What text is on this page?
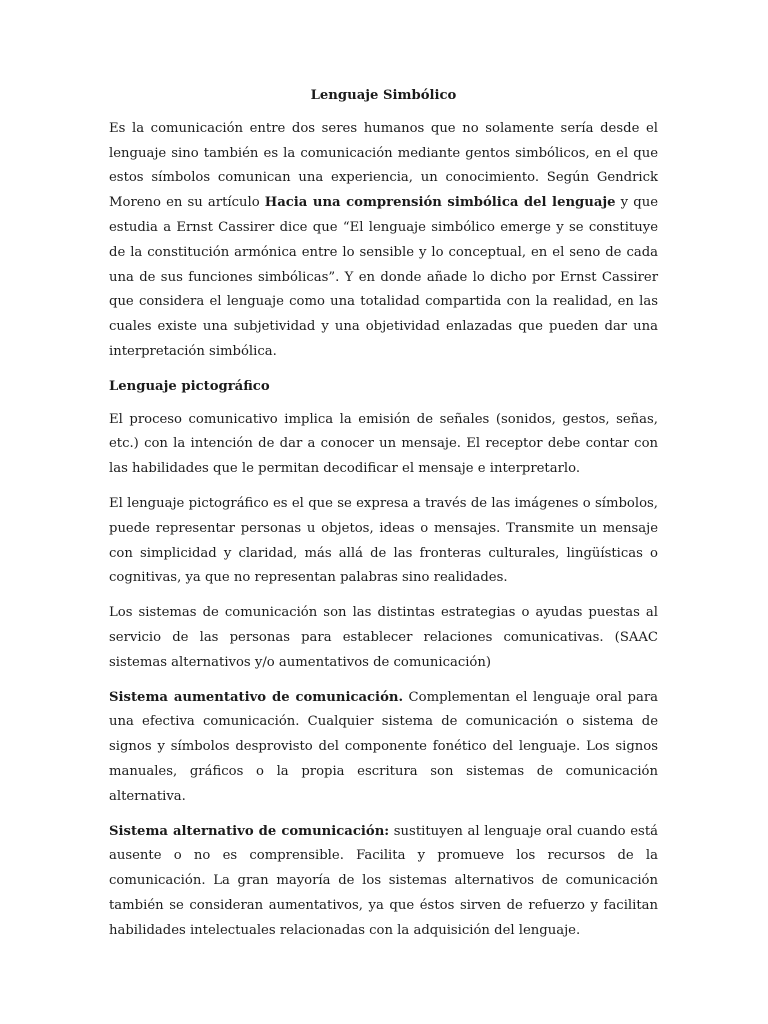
Lenguaje Simbólico

Es la comunicación entre dos seres humanos que no solamente sería desde el lenguaje sino también es la comunicación mediante gentos simbólicos, en el que estos símbolos comunican una experiencia, un conocimiento. Según Gendrick Moreno en su artículo Hacia una comprensión simbólica del lenguaje y que estudia a Ernst Cassirer dice que “El lenguaje simbólico emerge y se constituye de la constitución armónica entre lo sensible y lo conceptual, en el seno de cada una de sus funciones simbólicas”. Y en donde añade lo dicho por Ernst Cassirer que considera el lenguaje como una totalidad compartida con la realidad, en las cuales existe una subjetividad y una objetividad enlazadas que pueden dar una interpretación simbólica.

Lenguaje pictográfico

El proceso comunicativo implica la emisión de señales (sonidos, gestos, señas, etc.) con la intención de dar a conocer un mensaje. El receptor debe contar con las habilidades que le permitan decodificar el mensaje e interpretarlo.

El lenguaje pictográfico es el que se expresa a través de las imágenes o símbolos, puede representar personas u objetos, ideas o mensajes. Transmite un mensaje con simplicidad y claridad, más allá de las fronteras culturales, lingüísticas o cognitivas, ya que no representan palabras sino realidades.

Los sistemas de comunicación son las distintas estrategias o ayudas puestas al servicio de las personas para establecer relaciones comunicativas. (SAAC sistemas alternativos y/o aumentativos de comunicación)

Sistema aumentativo de comunicación. Complementan el lenguaje oral para una efectiva comunicación. Cualquier sistema de comunicación o sistema de signos y símbolos desprovisto del componente fonético del lenguaje. Los signos manuales, gráficos o la propia escritura son sistemas de comunicación alternativa.

Sistema alternativo de comunicación: sustituyen al lenguaje oral cuando está ausente o no es comprensible. Facilita y promueve los recursos de la comunicación. La gran mayoría de los sistemas alternativos de comunicación también se consideran aumentativos, ya que éstos sirven de refuerzo y facilitan habilidades intelectuales relacionadas con la adquisición del lenguaje.
